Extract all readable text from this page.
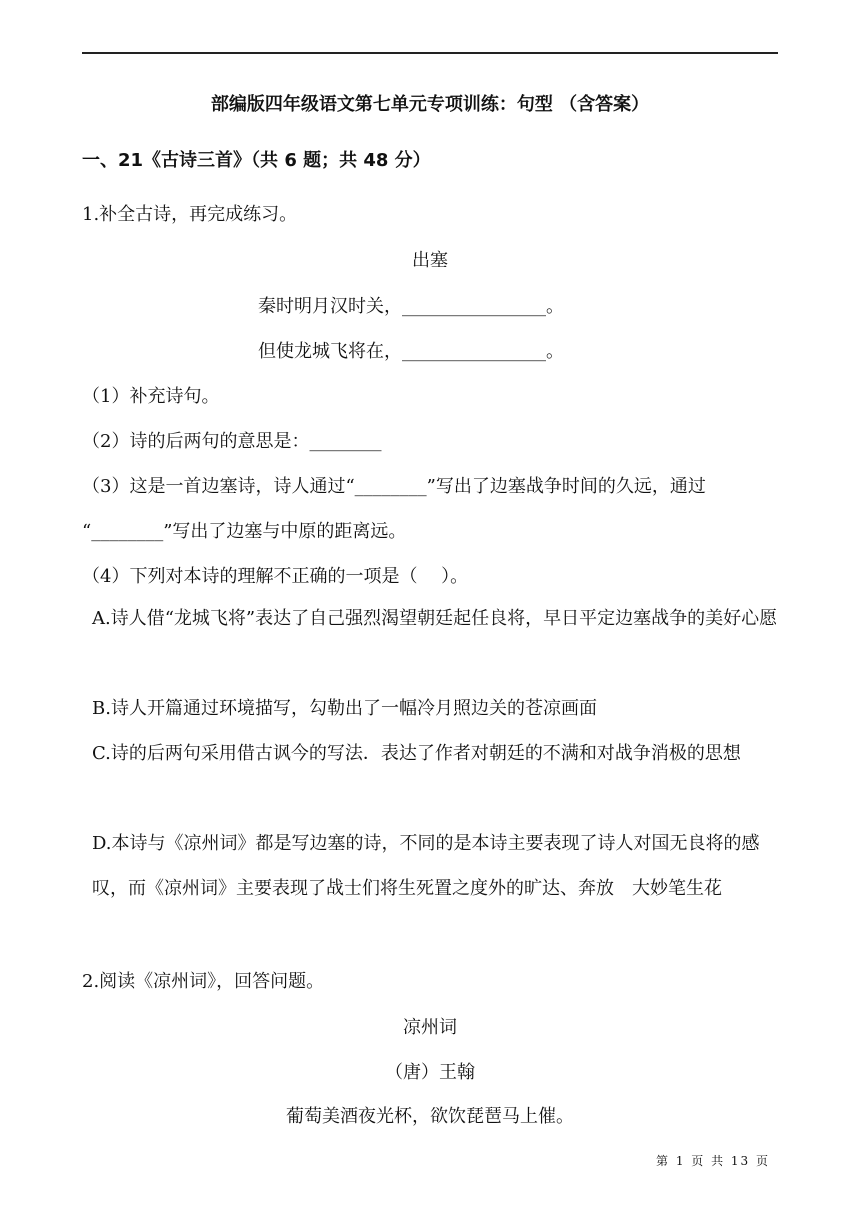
部编版四年级语文第七单元专项训练：句型 （含答案）
一、21《古诗三首》（共 6 题；共 48 分）
1.补全古诗，再完成练习。
出塞
秦时明月汉时关，________________。
但使龙城飞将在，________________。
（1）补充诗句。
（2）诗的后两句的意思是：________
（3）这是一首边塞诗，诗人通过“________”写出了边塞战争时间的久远，通过
“________”写出了边塞与中原的距离远。
（4）下列对本诗的理解不正确的一项是（　 ）。
A.诗人借“龙城飞将”表达了自己强烈渴望朝廷起任良将，早日平定边塞战争的美好心愿
B.诗人开篇通过环境描写，勾勒出了一幅冷月照边关的苍凉画面
C.诗的后两句采用借古讽今的写法．表达了作者对朝廷的不满和对战争消极的思想
D.本诗与《凉州词》都是写边塞的诗，不同的是本诗主要表现了诗人对国无良将的感叹，而《凉州词》主要表现了战士们将生死置之度外的旷达、奔放　大妙笔生花
2.阅读《凉州词》，回答问题。
凉州词
（唐）王翰
葡萄美酒夜光杯，欲饮琵琶马上催。
第 1 页 共 13 页
